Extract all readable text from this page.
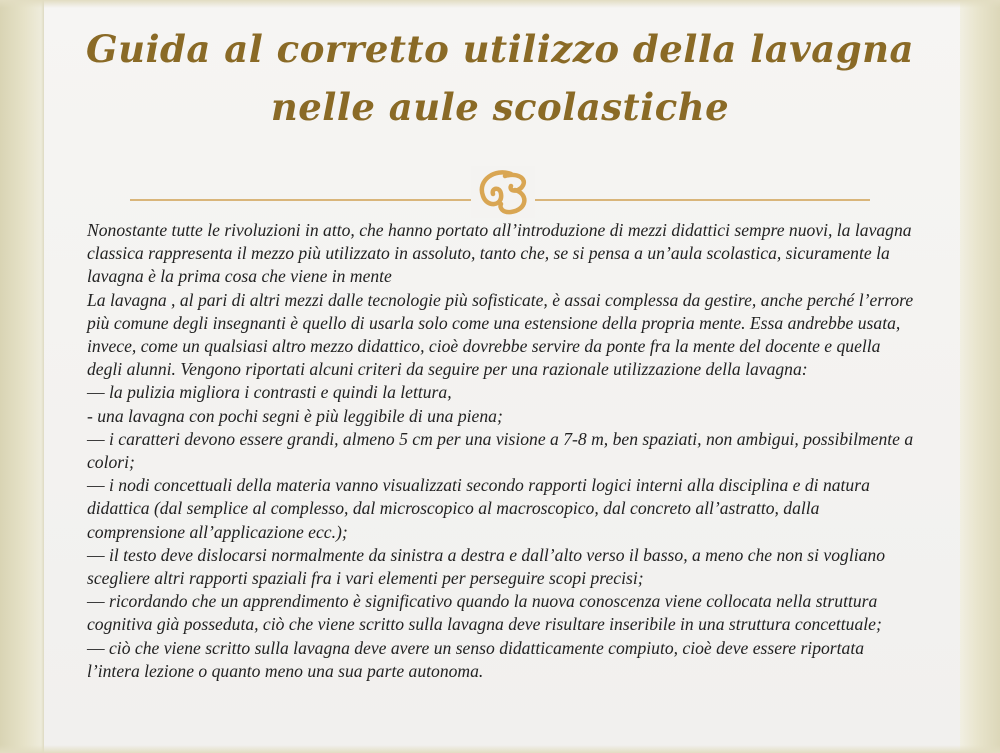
Guida al corretto utilizzo della lavagna nelle aule scolastiche

Nonostante tutte le rivoluzioni in atto, che hanno portato all’introduzione di mezzi didattici sempre nuovi, la lavagna classica rappresenta il mezzo più utilizzato in assoluto, tanto che, se si pensa a un’aula scolastica, sicuramente la lavagna è la prima cosa che viene in mente

La lavagna , al pari di altri mezzi dalle tecnologie più sofisticate, è assai complessa da gestire, anche perché l’errore più comune degli insegnanti è quello di usarla solo come una estensione della propria mente. Essa andrebbe usata, invece, come un qualsiasi altro mezzo didattico, cioè dovrebbe servire da ponte fra la mente del docente e quella degli alunni. Vengono riportati alcuni criteri da seguire per una razionale utilizzazione della lavagna:

— la pulizia migliora i contrasti e quindi la lettura,

- una lavagna con pochi segni è più leggibile di una piena;

— i caratteri devono essere grandi, almeno 5 cm per una visione a 7-8 m, ben spaziati, non ambigui, possibilmente a colori;

— i nodi concettuali della materia vanno visualizzati secondo rapporti logici interni alla disciplina e di natura didattica (dal semplice al complesso, dal microscopico al macroscopico, dal concreto all’astratto, dalla comprensione all’applicazione ecc.);

— il testo deve dislocarsi normalmente da sinistra a destra e dall’alto verso il basso, a meno che non si vogliano scegliere altri rapporti spaziali fra i vari elementi per perseguire scopi precisi;

— ricordando che un apprendimento è significativo quando la nuova conoscenza viene collocata nella struttura cognitiva già posseduta, ciò che viene scritto sulla lavagna deve risultare inseribile in una struttura concettuale;

— ciò che viene scritto sulla lavagna deve avere un senso didatticamente compiuto, cioè deve essere riportata l’intera lezione o quanto meno una sua parte autonoma.
